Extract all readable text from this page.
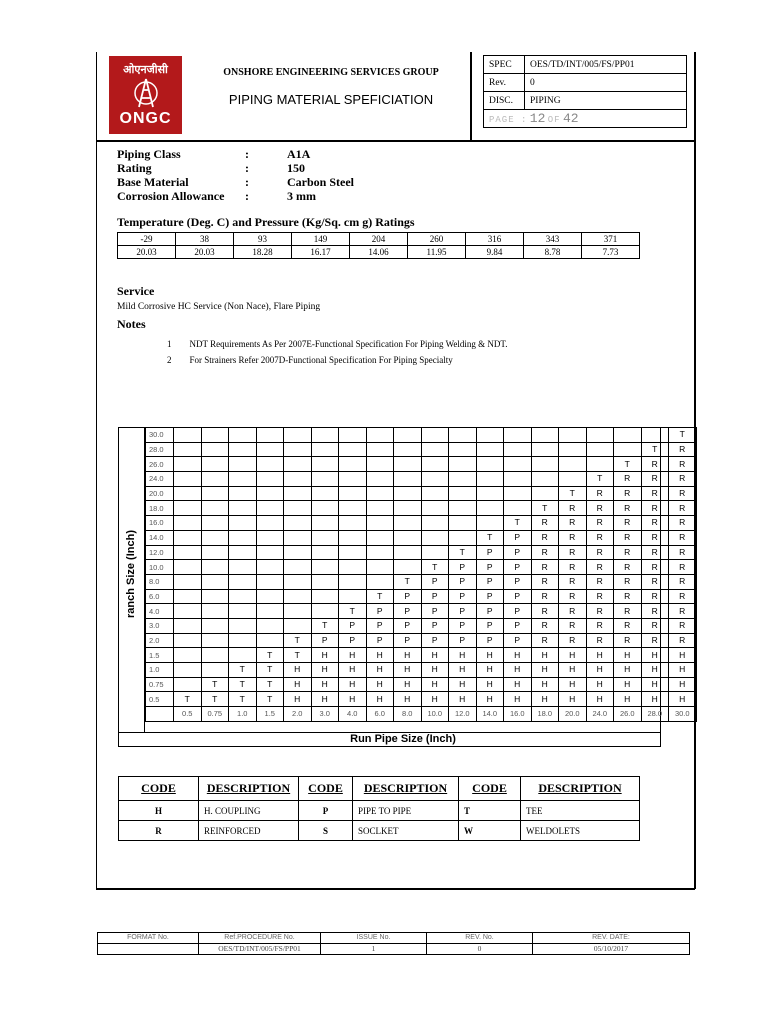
ओएनजीसी
ONGC
ONSHORE ENGINEERING SERVICES GROUP
PIPING MATERIAL SPEFICIATION
SPEC	OES/TD/INT/005/FS/PP01
Rev.	0
DISC.	PIPING
PAGE : 12 OF 42	
Piping Class	:	A1A
Rating	:	150
Base Material	:	Carbon Steel
Corrosion Allowance	:	3 mm
Temperature (Deg. C) and Pressure (Kg/Sq. cm g) Ratings
-29	38	93	149	204	260	316	343	371
20.03	20.03	18.28	16.17	14.06	11.95	9.84	8.78	7.73
Service
Mild Corrosive HC Service (Non Nace), Flare Piping
Notes
1 NDT Requirements As Per 2007E-Functional Specification For Piping Welding & NDT.
2 For Strainers Refer 2007D-Functional Specification For Piping Specialty
ranch Size (Inch)
30.0																			T
28.0																		T	R
26.0																	T	R	R
24.0																T	R	R	R
20.0															T	R	R	R	R
18.0														T	R	R	R	R	R
16.0													T	R	R	R	R	R	R
14.0												T	P	R	R	R	R	R	R
12.0											T	P	P	R	R	R	R	R	R
10.0										T	P	P	P	R	R	R	R	R	R
8.0									T	P	P	P	P	R	R	R	R	R	R
6.0								T	P	P	P	P	P	R	R	R	R	R	R
4.0							T	P	P	P	P	P	P	R	R	R	R	R	R
3.0						T	P	P	P	P	P	P	P	R	R	R	R	R	R
2.0					T	P	P	P	P	P	P	P	P	R	R	R	R	R	R
1.5				T	T	H	H	H	H	H	H	H	H	H	H	H	H	H	H
1.0			T	T	H	H	H	H	H	H	H	H	H	H	H	H	H	H	H
0.75		T	T	T	H	H	H	H	H	H	H	H	H	H	H	H	H	H	H
0.5	T	T	T	T	H	H	H	H	H	H	H	H	H	H	H	H	H	H	H
	0.5	0.75	1.0	1.5	2.0	3.0	4.0	6.0	8.0	10.0	12.0	14.0	16.0	18.0	20.0	24.0	26.0	28.0	30.0
Run Pipe Size (Inch)
CODE	DESCRIPTION	CODE	DESCRIPTION	CODE	DESCRIPTION
H	H. COUPLING	P	PIPE TO PIPE	T	TEE
R	REINFORCED	S	SOCLKET	W	WELDOLETS
FORMAT No.	Ref.PROCEDURE No.	ISSUE No.	REV. No.	REV. DATE:
	OES/TD/INT/005/FS/PP01	1	0	05/10/2017
